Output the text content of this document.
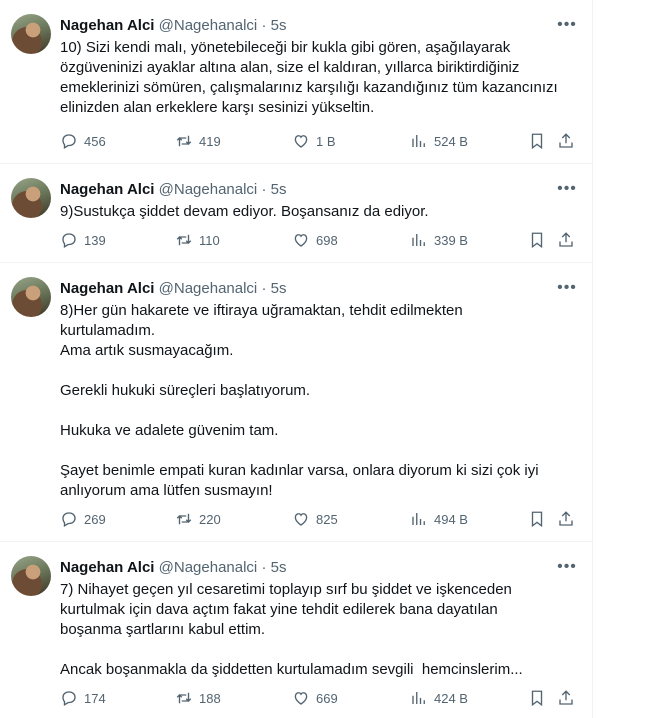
Nagehan Alci @Nagehanalci · 5s	•••
10) Sizi kendi malı, yönetebileceği bir kukla gibi gören, aşağılayarak
özgüveninizi ayaklar altına alan, size el kaldıran, yıllarca biriktirdiğiniz
emeklerinizi sömüren, çalışmalarınız karşılığı kazandığınız tüm kazancınızı
elinizden alan erkeklere karşı sesinizi yükseltin.
456	419	1 B	524 B
Nagehan Alci @Nagehanalci · 5s	•••
9)Sustukça şiddet devam ediyor. Boşansanız da ediyor.
139	110	698	339 B
Nagehan Alci @Nagehanalci · 5s	•••
8)Her gün hakarete ve iftiraya uğramaktan, tehdit edilmekten
kurtulamadım.
Ama artık susmayacağım.

Gerekli hukuki süreçleri başlatıyorum.

Hukuka ve adalete güvenim tam.

Şayet benimle empati kuran kadınlar varsa, onlara diyorum ki sizi çok iyi
anlıyorum ama lütfen susmayın!
269	220	825	494 B
Nagehan Alci @Nagehanalci · 5s	•••
7) Nihayet geçen yıl cesaretimi toplayıp sırf bu şiddet ve işkenceden
kurtulmak için dava açtım fakat yine tehdit edilerek bana dayatılan
boşanma şartlarını kabul ettim.

Ancak boşanmakla da şiddetten kurtulamadım sevgili  hemcinslerim...
174	188	669	424 B
